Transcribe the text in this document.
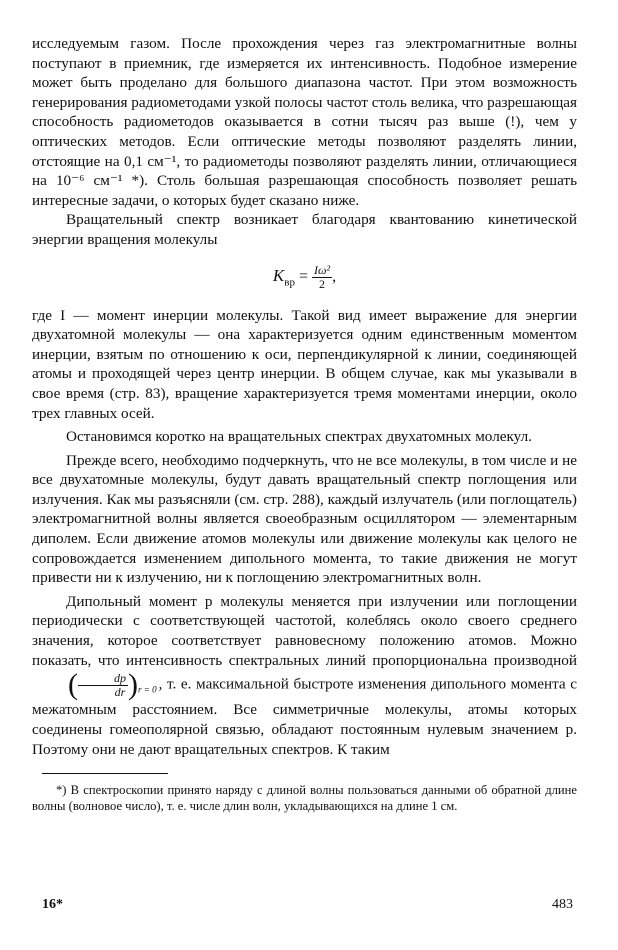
исследуемым газом. После прохождения через газ электромагнитные волны поступают в приемник, где измеряется их интенсивность. Подобное измерение может быть проделано для большого диапазона частот. При этом возможность генерирования радиометодами узкой полосы частот столь велика, что разрешающая способность радиометодов оказывается в сотни тысяч раз выше (!), чем у оптических методов. Если оптические методы позволяют разделять линии, отстоящие на 0,1 см⁻¹, то радиометоды позволяют разделять линии, отличающиеся на 10⁻⁶ см⁻¹ *). Столь большая разрешающая способность позволяет решать интересные задачи, о которых будет сказано ниже.

Вращательный спектр возникает благодаря квантованию кинетической энергии вращения молекулы

$K_{вр} = \frac{\text{Iω²}}{2}$ ,

где I — момент инерции молекулы. Такой вид имеет выражение для энергии двухатомной молекулы — она характеризуется одним единственным моментом инерции, взятым по отношению к оси, перпендикулярной к линии, соединяющей атомы и проходящей через центр инерции. В общем случае, как мы указывали в свое время (стр. 83), вращение характеризуется тремя моментами инерции, около трех главных осей.

Остановимся коротко на вращательных спектрах двухатомных молекул.

Прежде всего, необходимо подчеркнуть, что не все молекулы, в том числе и не все двухатомные молекулы, будут давать вращательный спектр поглощения или излучения. Как мы разъясняли (см. стр. 288), каждый излучатель (или поглощатель) электромагнитной волны является своеобразным осциллятором — элементарным диполем. Если движение атомов молекулы или движение молекулы как целого не сопровождается изменением дипольного момента, то такие движения не могут привести ни к излучению, ни к поглощению электромагнитных волн.

Дипольный момент p молекулы меняется при излучении или поглощении периодически с соответствующей частотой, колеблясь около своего среднего значения, которое соответствует равновесному положению атомов. Можно показать, что интенсивность спектральных линий пропорциональна производной ( $\frac{dp}{dr} )_{r = 0}$ , т. е. максимальной быстроте изменения дипольного момента с межатомным расстоянием. Все симметричные молекулы, атомы которых соединены гомеополярной связью, обладают постоянным нулевым значением p. Поэтому они не дают вращательных спектров. К таким

*) В спектроскопии принято наряду с длиной волны пользоваться данными об обратной длине волны (волновое число), т. е. числе длин волн, укладывающихся на длине 1 см.

16*	483
